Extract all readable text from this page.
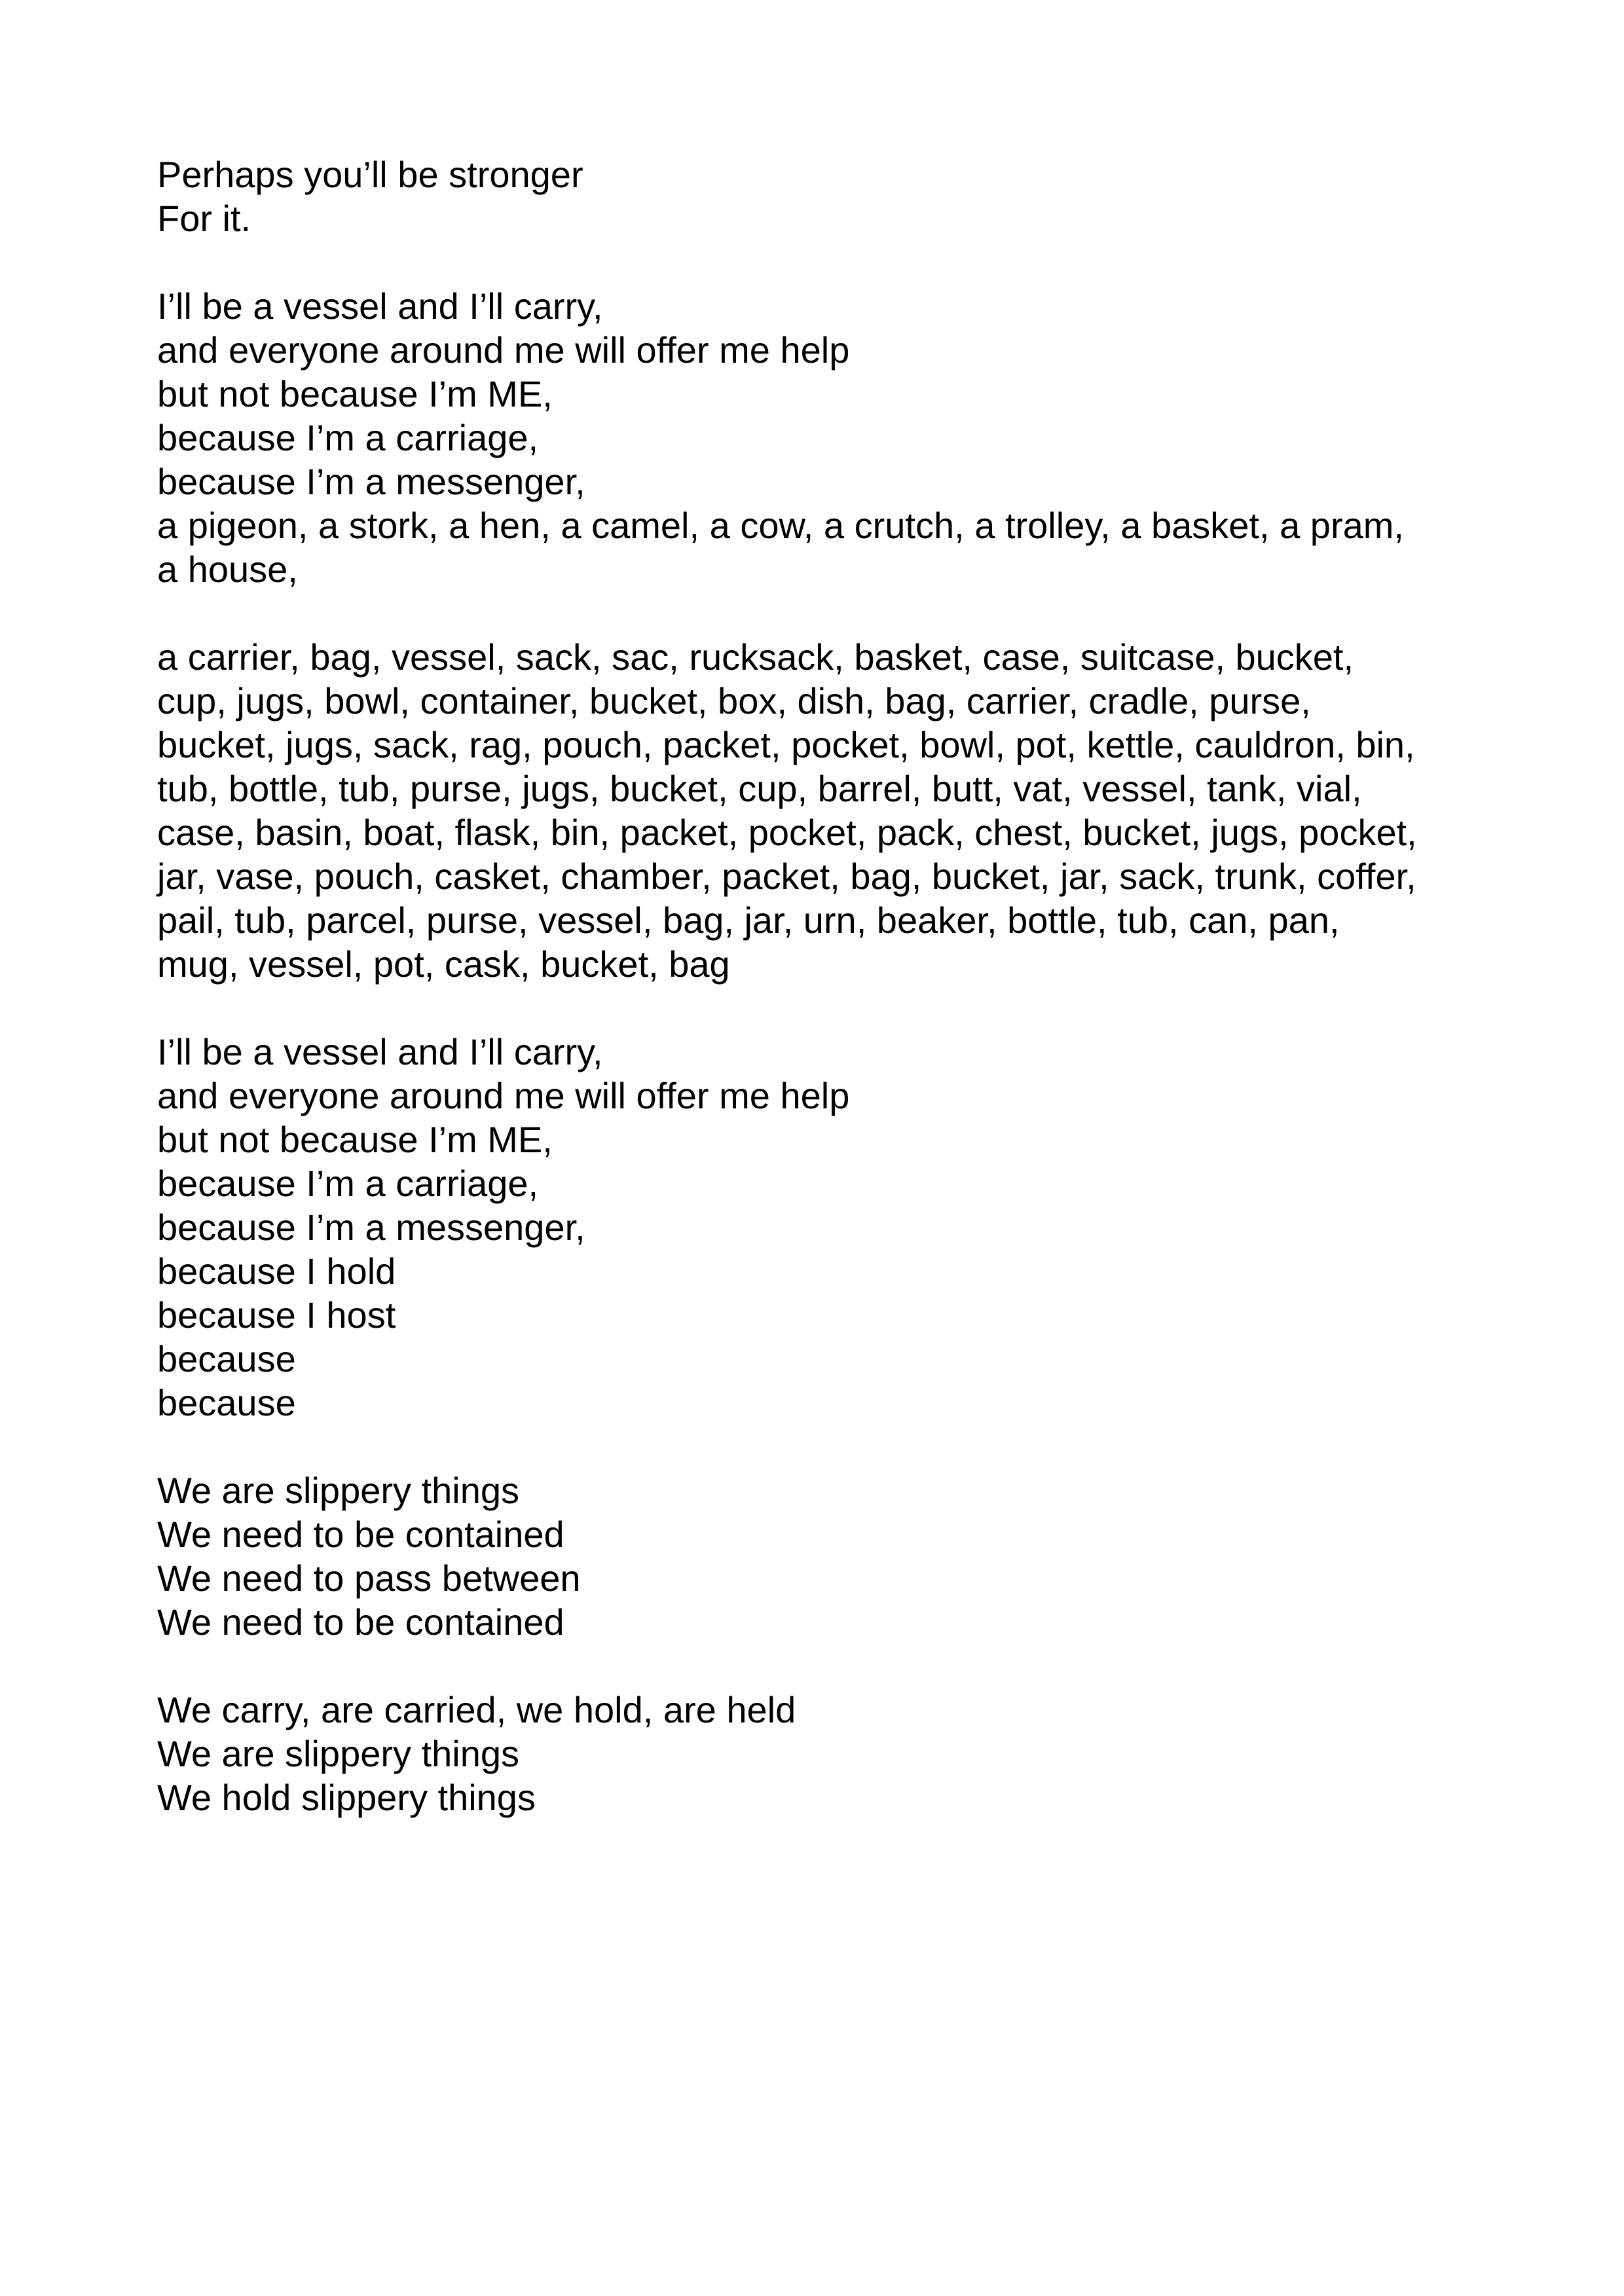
Perhaps you’ll be stronger
For it.
I’ll be a vessel and I’ll carry,
and everyone around me will offer me help
but not because I’m ME,
because I’m a carriage,
because I’m a messenger,
a pigeon, a stork, a hen, a camel, a cow, a crutch, a trolley, a basket, a pram,
a house,
a carrier, bag, vessel, sack, sac, rucksack, basket, case, suitcase, bucket,
cup, jugs, bowl, container, bucket, box, dish, bag, carrier, cradle, purse,
bucket, jugs, sack, rag, pouch, packet, pocket, bowl, pot, kettle, cauldron, bin,
tub, bottle, tub, purse, jugs, bucket, cup, barrel, butt, vat, vessel, tank, vial,
case, basin, boat, flask, bin, packet, pocket, pack, chest, bucket, jugs, pocket,
jar, vase, pouch, casket, chamber, packet, bag, bucket, jar, sack, trunk, coffer,
pail, tub, parcel, purse, vessel, bag, jar, urn, beaker, bottle, tub, can, pan,
mug, vessel, pot, cask, bucket, bag
I’ll be a vessel and I’ll carry,
and everyone around me will offer me help
but not because I’m ME,
because I’m a carriage,
because I’m a messenger,
because I hold
because I host
because
because
We are slippery things
We need to be contained
We need to pass between
We need to be contained
We carry, are carried, we hold, are held
We are slippery things
We hold slippery things
